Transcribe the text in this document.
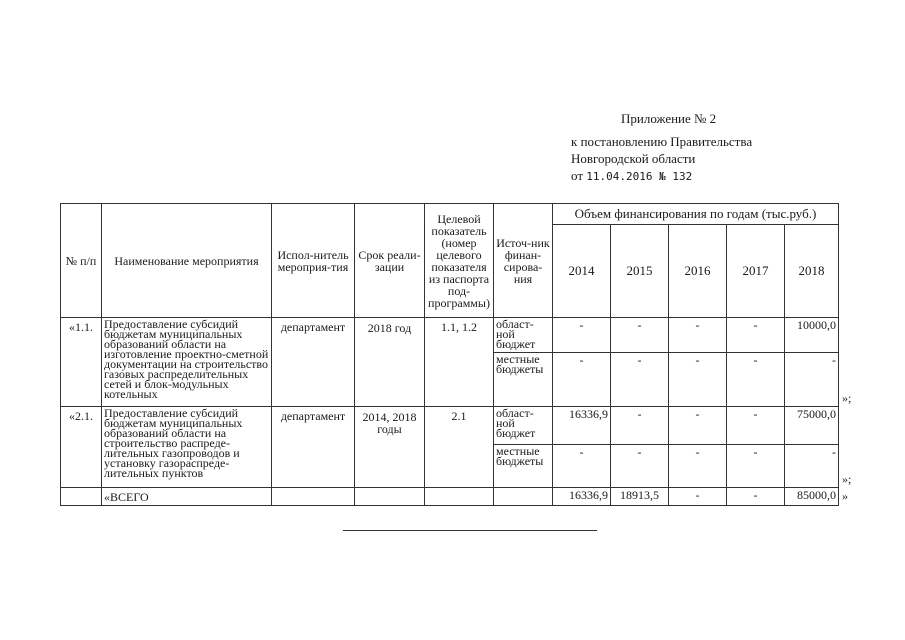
Приложение № 2
к постановлению Правительства
Новгородской области
от 11.04.2016 № 132
№ п/п	Наименование мероприятия	Испол-нитель мероприя-тия	Срок реали-зации	Целевой показатель (номер целевого показателя из паспорта под-программы)	Источ-ник финан-сирова-ния	Объем финансирования по годам (тыс.руб.)					
						2014	2015	2016	2017	2018	
«1.1.	Предоставление субсидий бюджетам муниципальных образований области на изготовление проектно-сметной документации на строительство газовых распределительных сетей и блок-модульных котельных	департамент	2018 год	1.1, 1.2	област-ной бюджет	-	-	-	-	10000,0	»;
					местные бюджеты	-	-	-	-	-	
«2.1.	Предоставление субсидий бюджетам муниципальных образований области на строительство распреде-лительных газопроводов и установку газораспреде-лительных пунктов	департамент	2014, 2018 годы	2.1	област-ной бюджет	16336,9	-	-	-	75000,0	»;
					местные бюджеты	-	-	-	-	-	
	«ВСЕГО					16336,9	18913,5	-	-	85000,0	»
